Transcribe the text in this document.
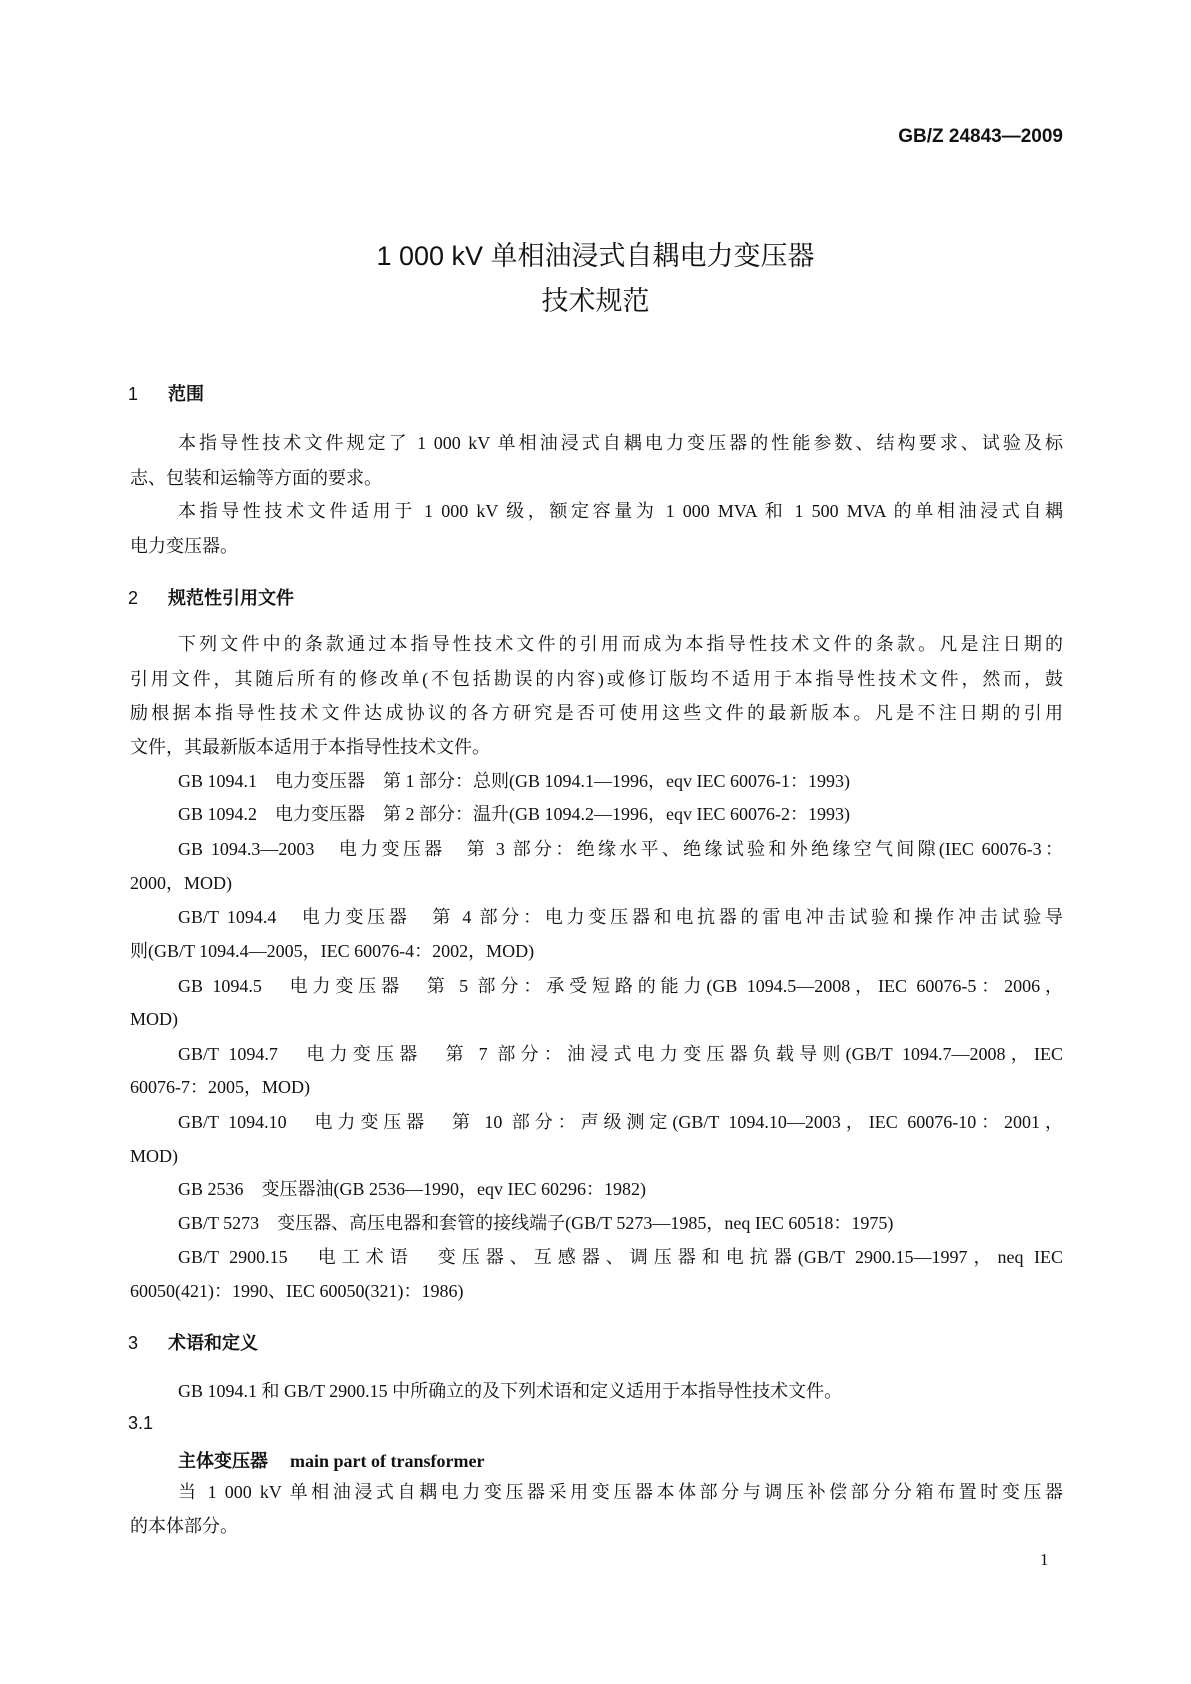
GB/Z 24843—2009
1 000 kV 单相油浸式自耦电力变压器
技术规范
1 范围
本指导性技术文件规定了 1 000 kV 单相油浸式自耦电力变压器的性能参数、结构要求、试验及标
志、包装和运输等方面的要求。
本指导性技术文件适用于 1 000 kV 级，额定容量为 1 000 MVA 和 1 500 MVA 的单相油浸式自耦
电力变压器。
2 规范性引用文件
下列文件中的条款通过本指导性技术文件的引用而成为本指导性技术文件的条款。凡是注日期的
引用文件，其随后所有的修改单(不包括勘误的内容)或修订版均不适用于本指导性技术文件，然而，鼓
励根据本指导性技术文件达成协议的各方研究是否可使用这些文件的最新版本。凡是不注日期的引用
文件，其最新版本适用于本指导性技术文件。
GB 1094.1　电力变压器　第 1 部分：总则(GB 1094.1—1996，eqv IEC 60076-1：1993)
GB 1094.2　电力变压器　第 2 部分：温升(GB 1094.2—1996，eqv IEC 60076-2：1993)
GB 1094.3—2003　电力变压器　第 3 部分：绝缘水平、绝缘试验和外绝缘空气间隙(IEC 60076-3：
2000，MOD)
GB/T 1094.4　电力变压器　第 4 部分：电力变压器和电抗器的雷电冲击试验和操作冲击试验导
则(GB/T 1094.4—2005，IEC 60076-4：2002，MOD)
GB 1094.5　电力变压器　第 5 部分：承受短路的能力(GB 1094.5—2008，IEC 60076-5：2006，
MOD)
GB/T 1094.7　电力变压器　第 7 部分：油浸式电力变压器负载导则(GB/T 1094.7—2008，IEC
60076-7：2005，MOD)
GB/T 1094.10　电力变压器　第 10 部分：声级测定(GB/T 1094.10—2003，IEC 60076-10：2001，
MOD)
GB 2536　变压器油(GB 2536—1990，eqv IEC 60296：1982)
GB/T 5273　变压器、高压电器和套管的接线端子(GB/T 5273—1985，neq IEC 60518：1975)
GB/T 2900.15　电工术语　变压器、互感器、调压器和电抗器(GB/T 2900.15—1997，neq IEC
60050(421)：1990、IEC 60050(321)：1986)
3 术语和定义
GB 1094.1 和 GB/T 2900.15 中所确立的及下列术语和定义适用于本指导性技术文件。
3.1
主体变压器 main part of transformer
当 1 000 kV 单相油浸式自耦电力变压器采用变压器本体部分与调压补偿部分分箱布置时变压器
的本体部分。
1
